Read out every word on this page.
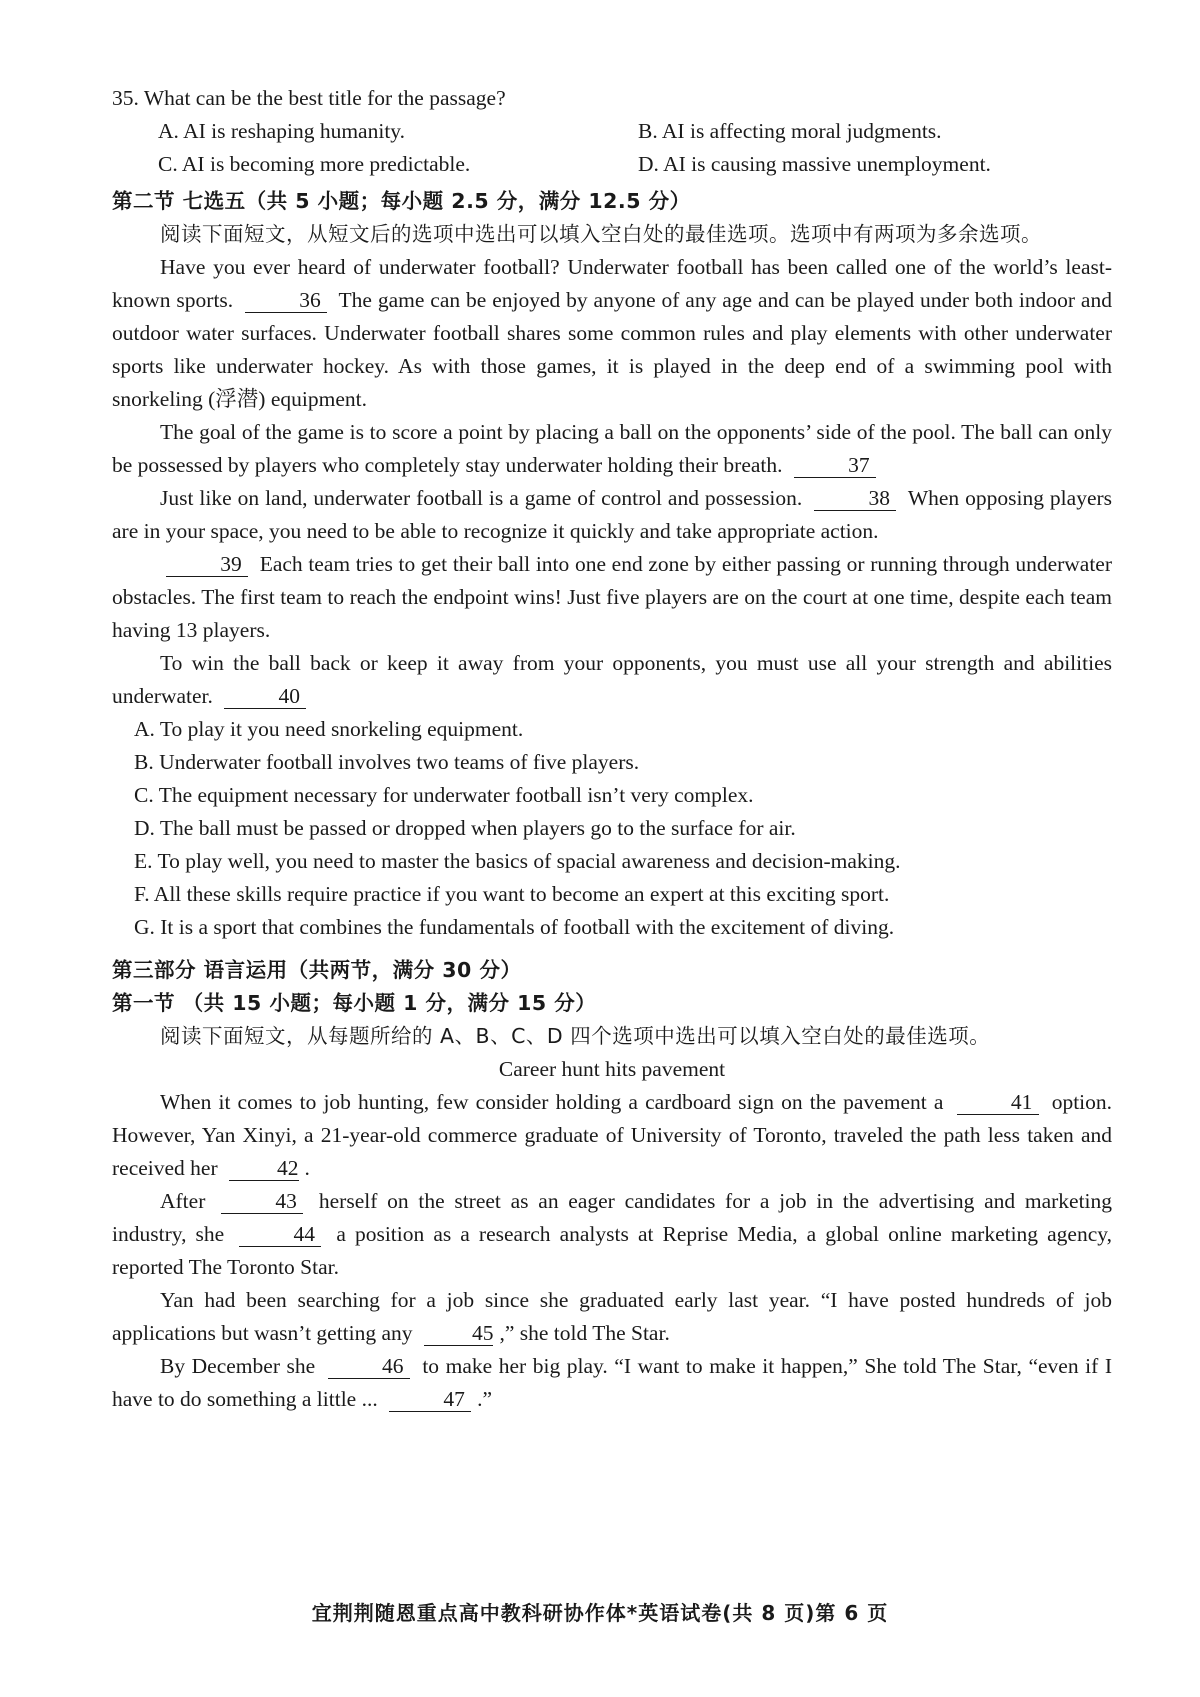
35. What can be the best title for the passage?

A. AI is reshaping humanity.	B. AI is affecting moral judgments.
C. AI is becoming more predictable.	D. AI is causing massive unemployment.

第二节 七选五（共 5 小题；每小题 2.5 分，满分 12.5 分）

阅读下面短文，从短文后的选项中选出可以填入空白处的最佳选项。选项中有两项为多余选项。

Have you ever heard of underwater football? Underwater football has been called one of the world’s least-known sports.	36 The game can be enjoyed by anyone of any age and can be played under both indoor and outdoor water surfaces. Underwater football shares some common rules and play elements with other underwater sports like underwater hockey. As with those games, it is played in the deep end of a swimming pool with snorkeling (浮潜) equipment.

The goal of the game is to score a point by placing a ball on the opponents’ side of the pool. The ball can only be possessed by players who completely stay underwater holding their breath.	37

Just like on land, underwater football is a game of control and possession.	38 When opposing players are in your space, you need to be able to recognize it quickly and take appropriate action.

39 Each team tries to get their ball into one end zone by either passing or running through underwater obstacles. The first team to reach the endpoint wins! Just five players are on the court at one time, despite each team having 13 players.

To win the ball back or keep it away from your opponents, you must use all your strength and abilities underwater.	40

A. To play it you need snorkeling equipment.

B. Underwater football involves two teams of five players.

C. The equipment necessary for underwater football isn’t very complex.

D. The ball must be passed or dropped when players go to the surface for air.

E. To play well, you need to master the basics of spacial awareness and decision-making.

F. All these skills require practice if you want to become an expert at this exciting sport.

G. It is a sport that combines the fundamentals of football with the excitement of diving.

第三部分 语言运用（共两节，满分 30 分）

第一节 （共 15 小题；每小题 1 分，满分 15 分）

阅读下面短文，从每题所给的 A、B、C、D 四个选项中选出可以填入空白处的最佳选项。

Career hunt hits pavement

When it comes to job hunting, few consider holding a cardboard sign on the pavement a	41 option. However, Yan Xinyi, a 21-year-old commerce graduate of University of Toronto, traveled the path less taken and received her	42 .

After	43 herself on the street as an eager candidates for a job in the advertising and marketing industry, she	44 a position as a research analysts at Reprise Media, a global online marketing agency, reported The Toronto Star.

Yan had been searching for a job since she graduated early last year. “I have posted hundreds of job applications but wasn’t getting any	45 ,” she told The Star.

By December she	46 to make her big play. “I want to make it happen,” She told The Star, “even if I have to do something a little ...	47 .”

宜荆荆随恩重点高中教科研协作体*英语试卷(共 8 页)第 6 页
